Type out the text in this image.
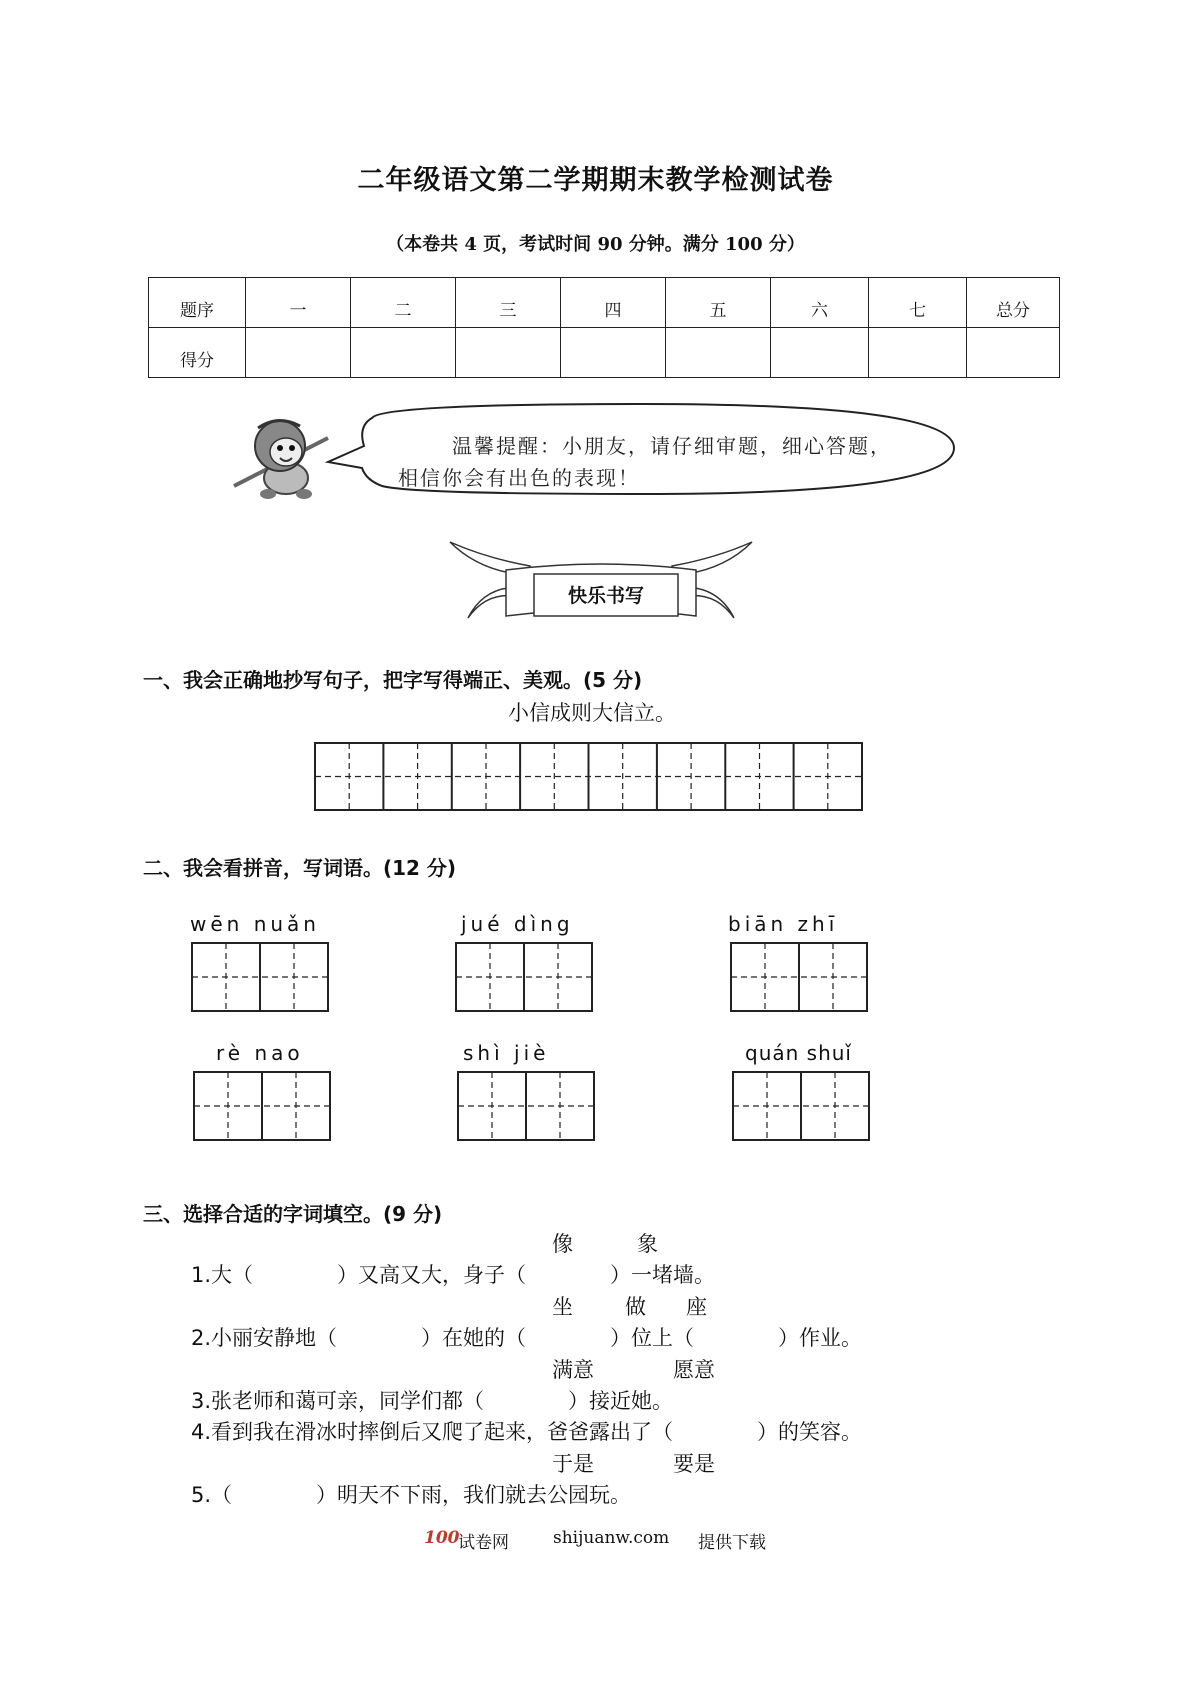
二年级语文第二学期期末教学检测试卷
（本卷共 4 页，考试时间 90 分钟。满分 100 分）
题序	一	二	三	四	五	六	七	总分
得分								
温馨提醒：小朋友，请仔细审题，细心答题，
相信你会有出色的表现！
快乐书写
一、我会正确地抄写句子，把字写得端正、美观。(5 分)
小信成则大信立。
二、我会看拼音，写词语。(12 分)
wēn nuǎn	jué dìng	biān zhī
rè nao	shì jiè	quán shuǐ
三、选择合适的字词填空。(9 分)
像	象
1.大（　　　　）又高又大，身子（　　　　）一堵墙。
坐 做 座
2.小丽安静地（　　　　）在她的（　　　　）位上（　　　　）作业。
满意	愿意
3.张老师和蔼可亲，同学们都（　　　　）接近她。
4.看到我在滑冰时摔倒后又爬了起来，爸爸露出了（　　　　）的笑容。
于是	要是
5.（　　　　）明天不下雨，我们就去公园玩。
100
试卷网	shijuanw.com 提供下载
